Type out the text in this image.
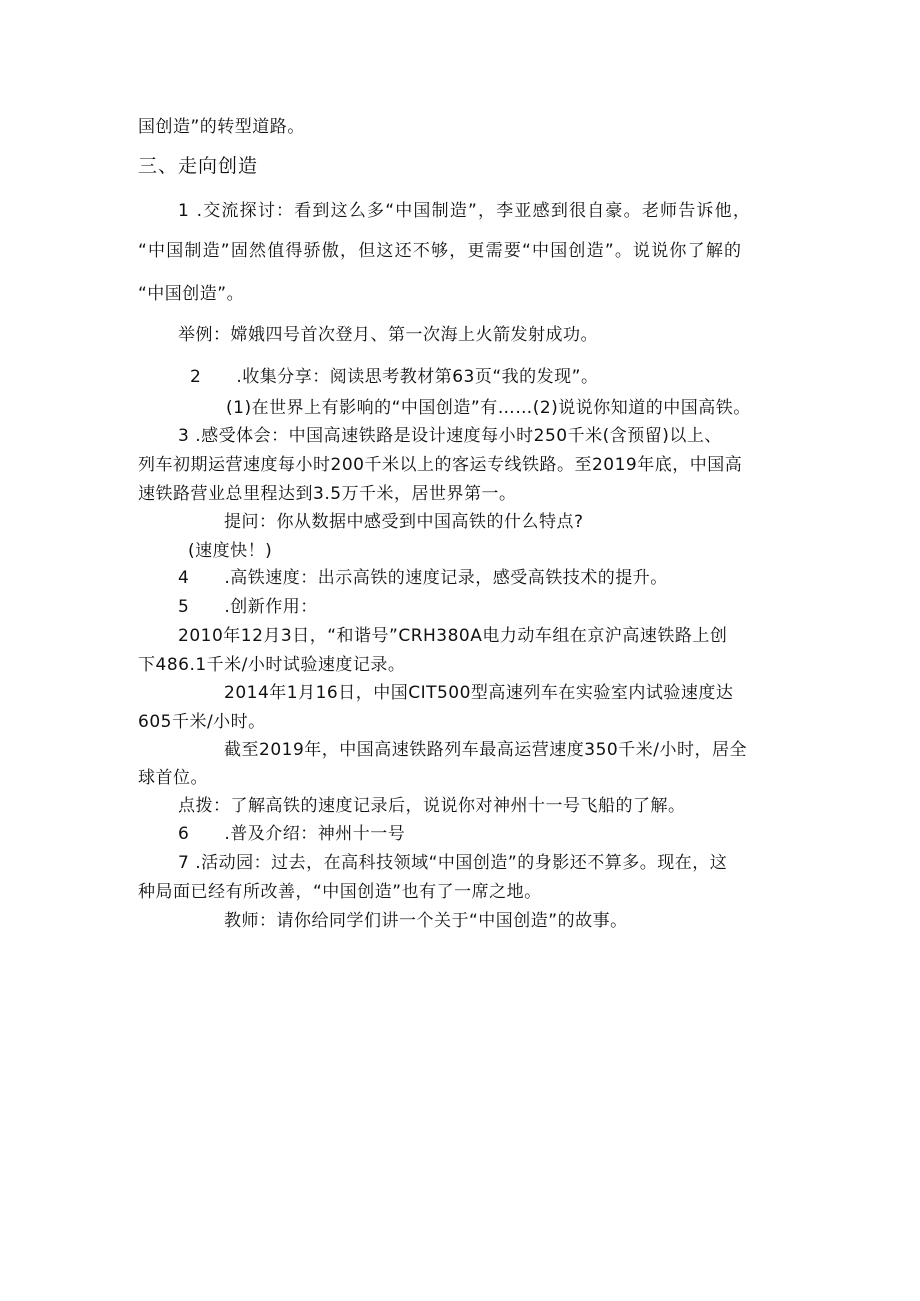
国创造”的转型道路。
三、走向创造
1 .交流探讨：看到这么多“中国制造”，李亚感到很自豪。老师告诉他，
“中国制造”固然值得骄傲，但这还不够，更需要“中国创造”。说说你了解的
“中国创造”。
举例：嫦娥四号首次登月、第一次海上火箭发射成功。
2　　.收集分享：阅读思考教材第63页“我的发现”。
(1)在世界上有影响的“中国创造”有……(2)说说你知道的中国高铁。
3 .感受体会：中国高速铁路是设计速度每小时250千米(含预留)以上、
列车初期运营速度每小时200千米以上的客运专线铁路。至2019年底，中国高
速铁路营业总里程达到3.5万千米，居世界第一。
提问：你从数据中感受到中国高铁的什么特点?
(速度快！)
4　　.高铁速度：出示高铁的速度记录，感受高铁技术的提升。
5　　.创新作用：
2010年12月3日，“和谐号”CRH380A电力动车组在京沪高速铁路上创
下486.1千米/小时试验速度记录。
2014年1月16日，中国CIT500型高速列车在实验室内试验速度达
605千米/小时。
截至2019年，中国高速铁路列车最高运营速度350千米/小时，居全
球首位。
点拨：了解高铁的速度记录后，说说你对神州十一号飞船的了解。
6　　.普及介绍：神州十一号
7 .活动园：过去，在高科技领域“中国创造”的身影还不算多。现在，这
种局面已经有所改善，“中国创造”也有了一席之地。
教师：请你给同学们讲一个关于“中国创造”的故事。
